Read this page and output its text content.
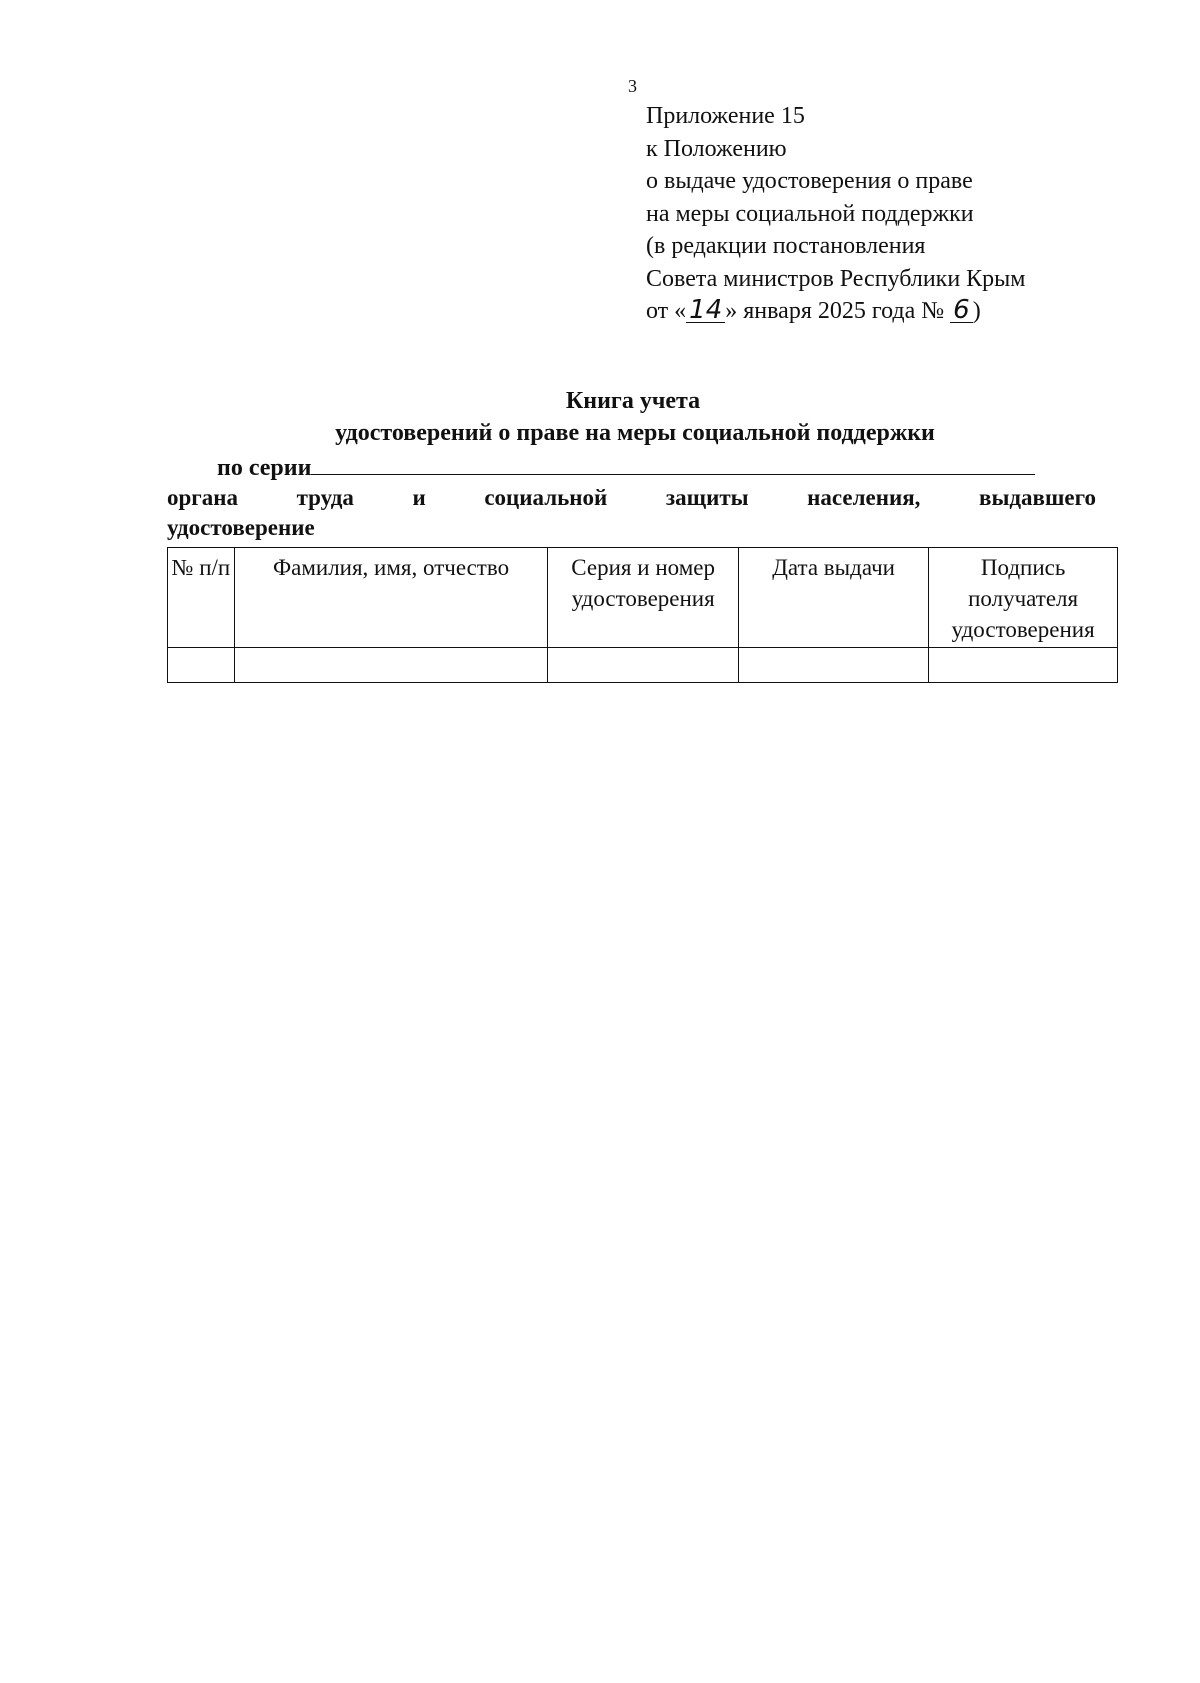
3
Приложение 15
к Положению
о выдаче удостоверения о праве
на меры социальной поддержки
(в редакции постановления
Совета министров Республики Крым
от « 14 » января 2025 года № 6 )
Книга учета
удостоверений о праве на меры социальной поддержки
по серии
органа	труда	и	социальной	защиты	населения,	выдавшего
удостоверение
№ п/п	Фамилия, имя, отчество	Серия и номер удостоверения	Дата выдачи	Подпись получателя удостоверения
